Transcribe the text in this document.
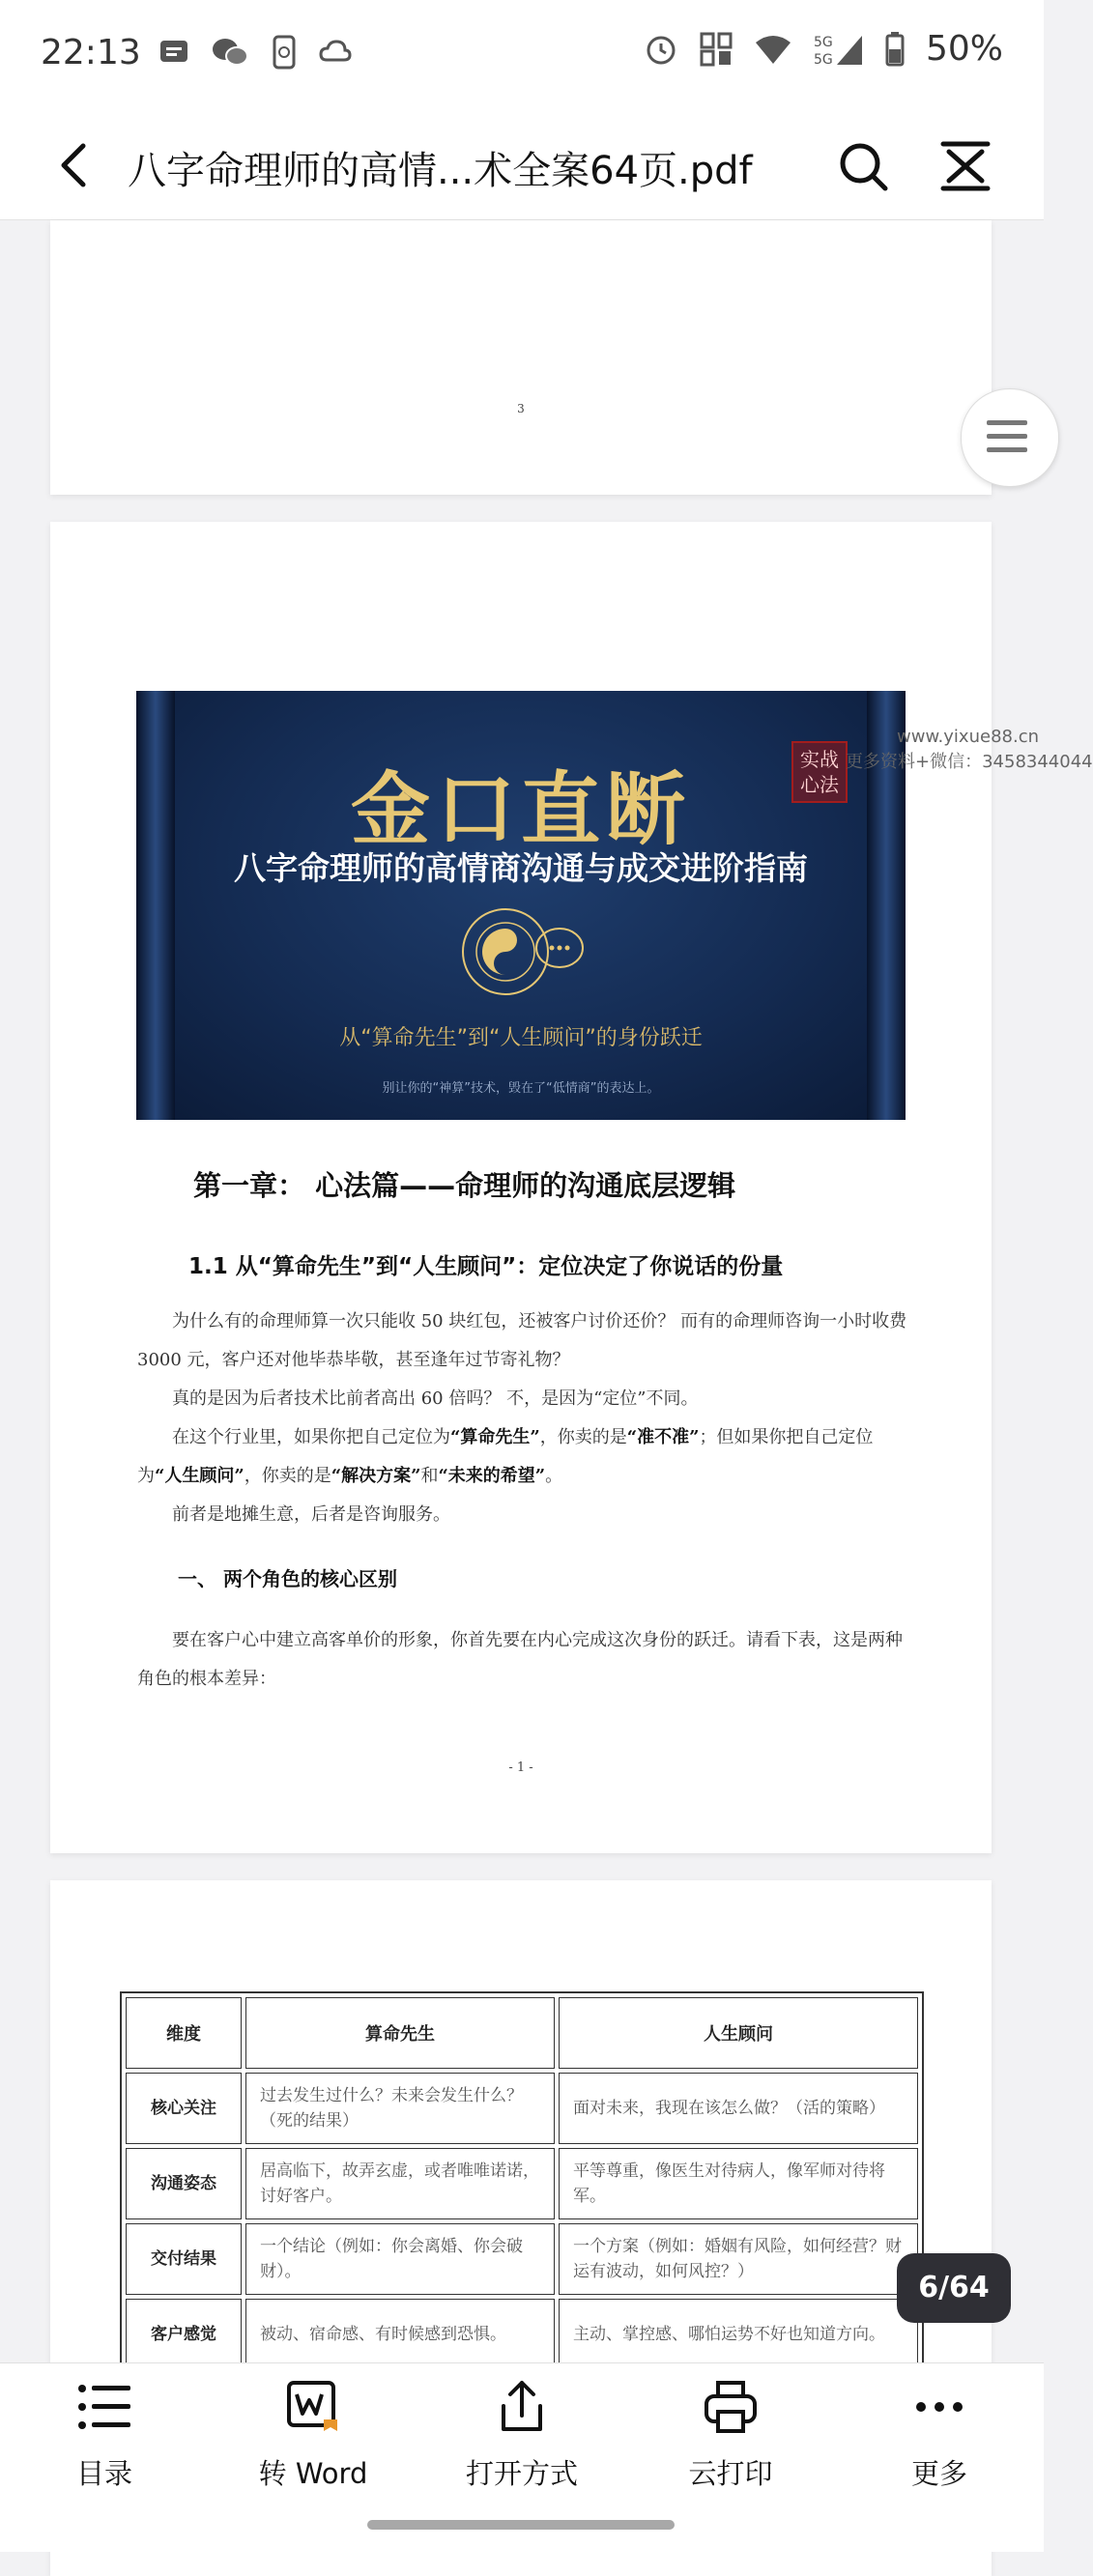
22:13	5G
5G	50%
八字命理师的高情...术全案64页.pdf
3
金口直断
八字命理师的高情商沟通与成交进阶指南
实战心法
从“算命先生”到“人生顾问”的身份跃迁
别让你的“神算”技术，毁在了“低情商”的表达上。
第一章： 心法篇——命理师的沟通底层逻辑
1.1 从“算命先生”到“人生顾问”：定位决定了你说话的份量
为什么有的命理师算一次只能收 50 块红包，还被客户讨价还价？ 而有的命理师咨询一小时收费 3000 元，客户还对他毕恭毕敬，甚至逢年过节寄礼物？
真的是因为后者技术比前者高出 60 倍吗？ 不，是因为“定位”不同。
在这个行业里，如果你把自己定位为“算命先生”，你卖的是“准不准”；但如果你把自己定位为“人生顾问”，你卖的是“解决方案”和“未来的希望”。
前者是地摊生意，后者是咨询服务。
一、 两个角色的核心区别
要在客户心中建立高客单价的形象，你首先要在内心完成这次身份的跃迁。请看下表，这是两种角色的根本差异：
- 1 -
www.yixue88.cn
更多资料+微信：3458344044
维度	算命先生	人生顾问
核心关注	过去发生过什么？未来会发生什么？（死的结果）	面对未来，我现在该怎么做？（活的策略）
沟通姿态	居高临下，故弄玄虚，或者唯唯诺诺，讨好客户。	平等尊重，像医生对待病人，像军师对待将军。
交付结果	一个结论（例如：你会离婚、你会破财）。	一个方案（例如：婚姻有风险，如何经营？财运有波动，如何风控？）
客户感觉	被动、宿命感、有时候感到恐惧。	主动、掌控感、哪怕运势不好也知道方向。
6/64
目录	转 Word	打开方式	云打印	更多
